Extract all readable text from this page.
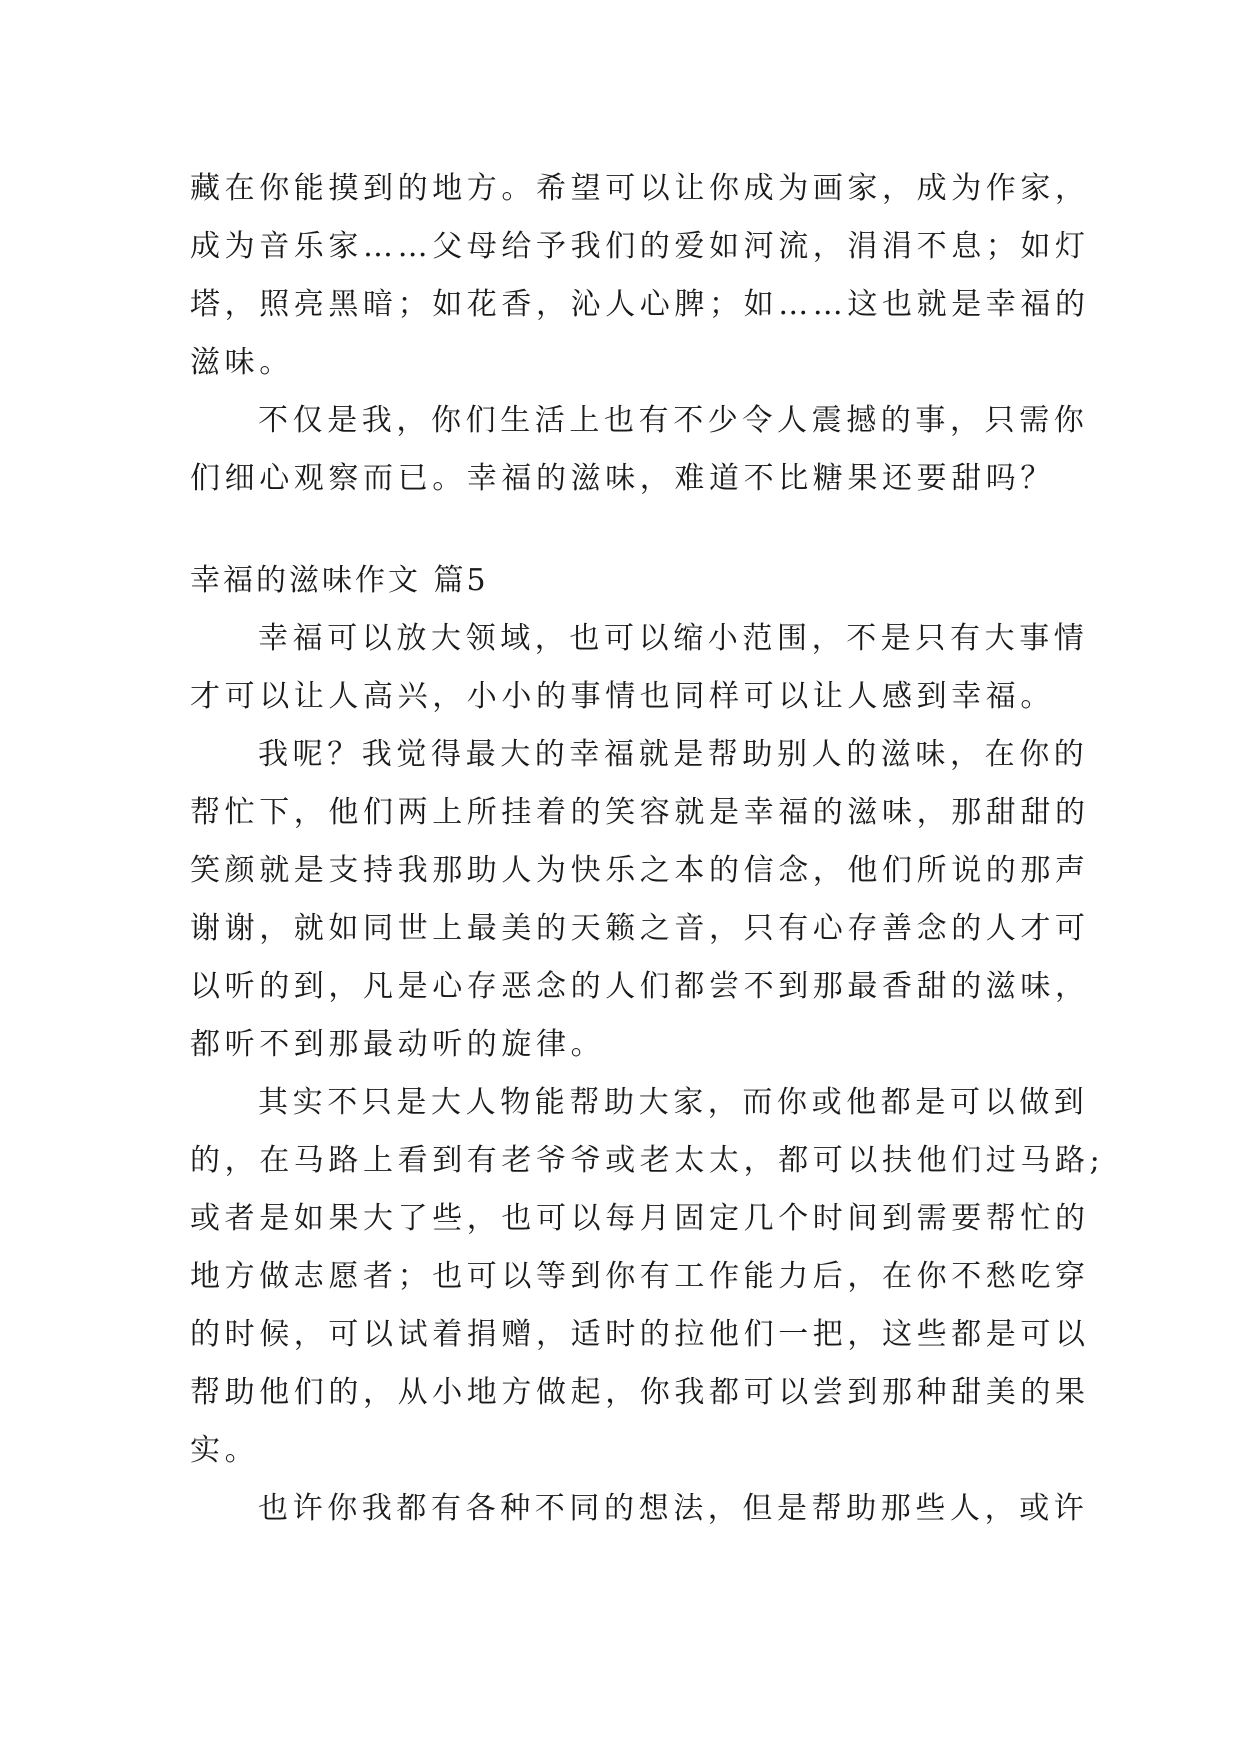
藏在你能摸到的地方。希望可以让你成为画家，成为作家，
成为音乐家……父母给予我们的爱如河流，涓涓不息；如灯
塔，照亮黑暗；如花香，沁人心脾；如……这也就是幸福的
滋味。
不仅是我，你们生活上也有不少令人震撼的事，只需你
们细心观察而已。幸福的滋味，难道不比糖果还要甜吗？
幸福的滋味作文 篇5
幸福可以放大领域，也可以缩小范围，不是只有大事情
才可以让人高兴，小小的事情也同样可以让人感到幸福。
我呢？我觉得最大的幸福就是帮助别人的滋味，在你的
帮忙下，他们两上所挂着的笑容就是幸福的滋味，那甜甜的
笑颜就是支持我那助人为快乐之本的信念，他们所说的那声
谢谢，就如同世上最美的天籁之音，只有心存善念的人才可
以听的到，凡是心存恶念的人们都尝不到那最香甜的滋味，
都听不到那最动听的旋律。
其实不只是大人物能帮助大家，而你或他都是可以做到
的，在马路上看到有老爷爷或老太太，都可以扶他们过马路;
或者是如果大了些，也可以每月固定几个时间到需要帮忙的
地方做志愿者；也可以等到你有工作能力后，在你不愁吃穿
的时候，可以试着捐赠，适时的拉他们一把，这些都是可以
帮助他们的，从小地方做起，你我都可以尝到那种甜美的果
实。
也许你我都有各种不同的想法，但是帮助那些人，或许
